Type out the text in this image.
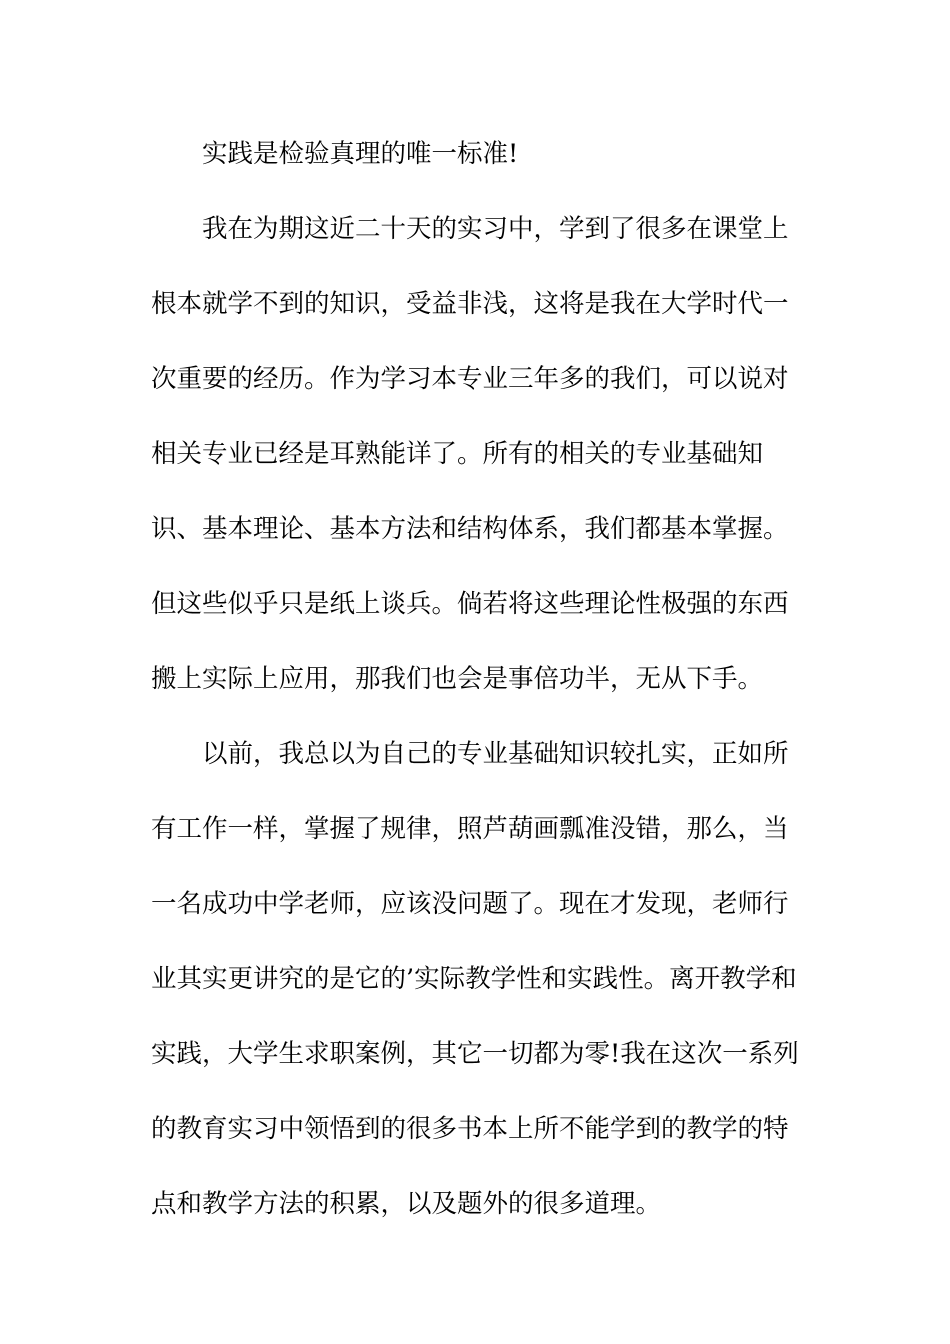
实践是检验真理的唯一标准!
我在为期这近二十天的实习中，学到了很多在课堂上
根本就学不到的知识，受益非浅，这将是我在大学时代一
次重要的经历。作为学习本专业三年多的我们，可以说对
相关专业已经是耳熟能详了。所有的相关的专业基础知
识、基本理论、基本方法和结构体系，我们都基本掌握。
但这些似乎只是纸上谈兵。倘若将这些理论性极强的东西
搬上实际上应用，那我们也会是事倍功半，无从下手。
以前，我总以为自己的专业基础知识较扎实，正如所
有工作一样，掌握了规律，照芦葫画瓢准没错，那么，当
一名成功中学老师，应该没问题了。现在才发现，老师行
业其实更讲究的是它的’实际教学性和实践性。离开教学和
实践，大学生求职案例，其它一切都为零!我在这次一系列
的教育实习中领悟到的很多书本上所不能学到的教学的特
点和教学方法的积累，以及题外的很多道理。
